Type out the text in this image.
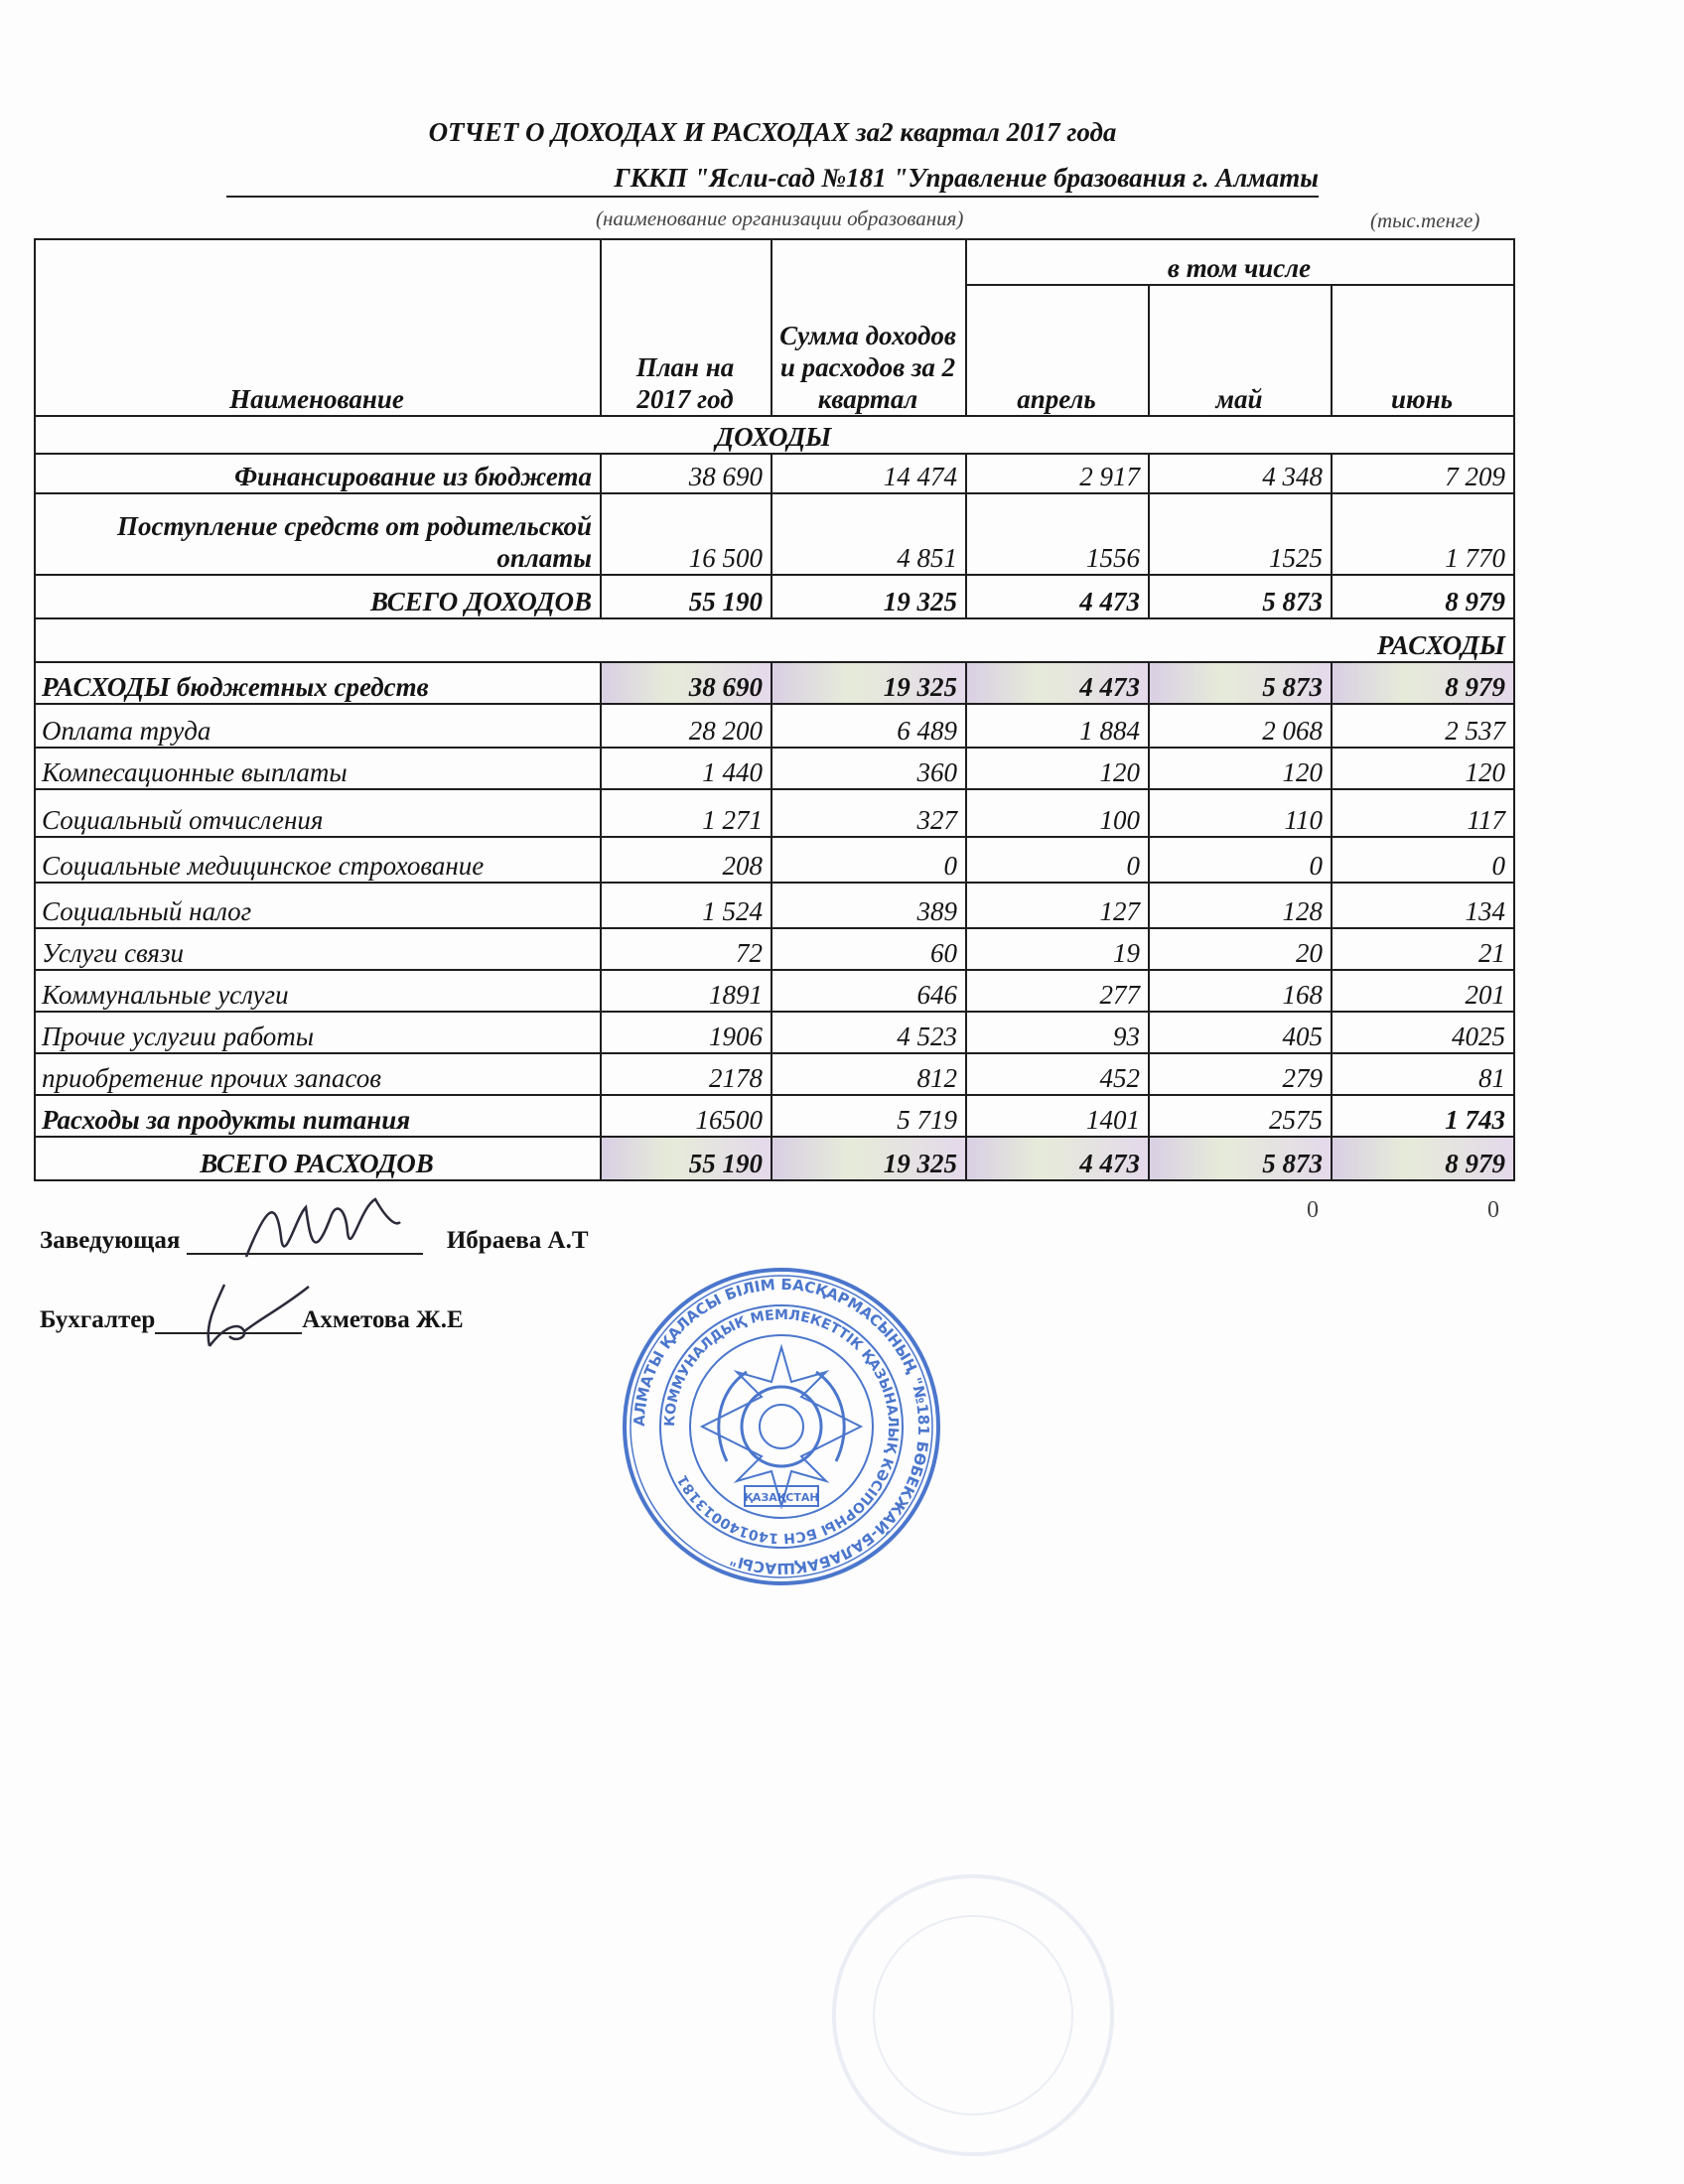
ОТЧЕТ О ДОХОДАХ И РАСХОДАХ за2 квартал 2017 года
ГККП "Ясли-сад №181 "Управление бразования г. Алматы
(наименование организации образования)	(тыс.тенге)
Наименование	План на 2017 год	Сумма доходов и расходов за 2 квартал	в том числе		
			апрель	май	июнь
ДОХОДЫ					
Финансирование из бюджета	38 690	14 474	2 917	4 348	7 209
Поступление средств от родительской оплаты	16 500	4 851	1556	1525	1 770
ВСЕГО ДОХОДОВ	55 190	19 325	4 473	5 873	8 979
РАСХОДЫ					
РАСХОДЫ бюджетных средств	38 690	19 325	4 473	5 873	8 979
Оплата труда	28 200	6 489	1 884	2 068	2 537
Компесационные выплаты	1 440	360	120	120	120
Социальный отчисления	1 271	327	100	110	117
Социальные медицинское строхование	208	0	0	0	0
Социальный налог	1 524	389	127	128	134
Услуги связи	72	60	19	20	21
Коммунальные услуги	1891	646	277	168	201
Прочие услугии работы	1906	4 523	93	405	4025
приобретение прочих запасов	2178	812	452	279	81
Расходы за продукты питания	16500	5 719	1401	2575	1 743
ВСЕГО РАСХОДОВ	55 190	19 325	4 473	5 873	8 979
0	0
Заведующая	Ибраева А.Т
Бухгалтер	Ахметова Ж.Е
АЛМАТЫ ҚАЛАСЫ БІЛІМ БАСҚАРМАСЫНЫҢ "№181 БӨБЕКЖАЙ-БАЛАБАҚШАСЫ"
КОММУНАЛДЫҚ МЕМЛЕКЕТТІК ҚАЗЫНАЛЫҚ КӘСІПОРНЫ БСН 140140013181
ҚАЗАҚСТАН
